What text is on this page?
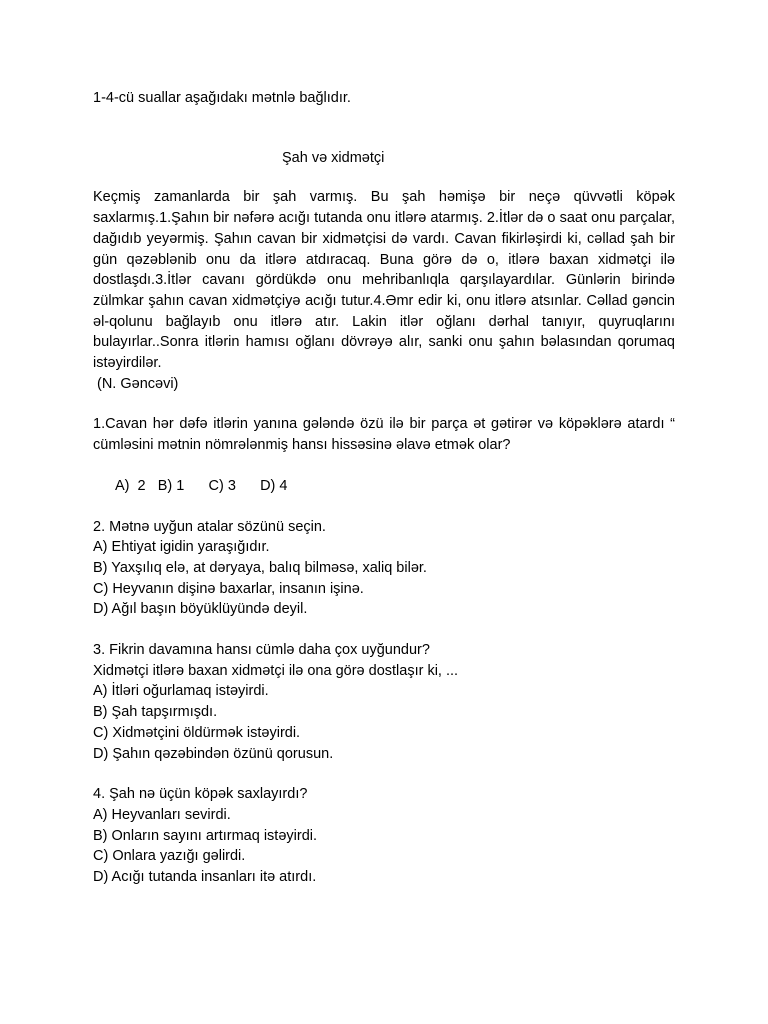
1-4-cü suallar aşağıdakı mətnlə bağlıdır.

Şah və xidmətçi

Keçmiş zamanlarda bir şah varmış. Bu şah həmişə bir neçə qüvvətli köpək saxlarmış.1.Şahın bir nəfərə acığı tutanda onu itlərə atarmış. 2.İtlər də o saat onu parçalar, dağıdıb yeyərmiş. Şahın cavan bir xidmətçisi də vardı. Cavan fikirləşirdi ki, cəllad şah bir gün qəzəblənib onu da itlərə atdıracaq. Buna görə də o, itlərə baxan xidmətçi ilə dostlaşdı.3.İtlər cavanı gördükdə onu mehribanlıqla qarşılayardılar. Günlərin birində zülmkar şahın cavan xidmətçiyə acığı tutur.4.Əmr edir ki, onu itlərə atsınlar. Cəllad gəncin əl-qolunu bağlayıb onu itlərə atır. Lakin itlər oğlanı dərhal tanıyır, quyruqlarını bulayırlar..Sonra itlərin hamısı oğlanı dövrəyə alır, sanki onu şahın bəlasından qorumaq istəyirdilər.

(N. Gəncəvi)

1.Cavan hər dəfə itlərin yanına gələndə özü ilə bir parça ət gətirər və köpəklərə atardı “ cümləsini mətnin nömrələnmiş hansı hissəsinə əlavə etmək olar?

A)  2 B) 1 C) 3 D) 4

2. Mətnə uyğun atalar sözünü seçin.

A) Ehtiyat igidin yaraşığıdır.

B) Yaxşılıq elə, at dəryaya, balıq bilməsə, xaliq bilər.

C) Heyvanın dişinə baxarlar, insanın işinə.

D) Ağıl başın böyüklüyündə deyil.

3. Fikrin davamına hansı cümlə daha çox uyğundur?

Xidmətçi itlərə baxan xidmətçi ilə ona görə dostlaşır ki, ...

A) İtləri oğurlamaq istəyirdi.

B) Şah tapşırmışdı.

C) Xidmətçini öldürmək istəyirdi.

D) Şahın qəzəbindən özünü qorusun.

4. Şah nə üçün köpək saxlayırdı?

A) Heyvanları sevirdi.

B) Onların sayını artırmaq istəyirdi.

C) Onlara yazığı gəlirdi.

D) Acığı tutanda insanları itə atırdı.
